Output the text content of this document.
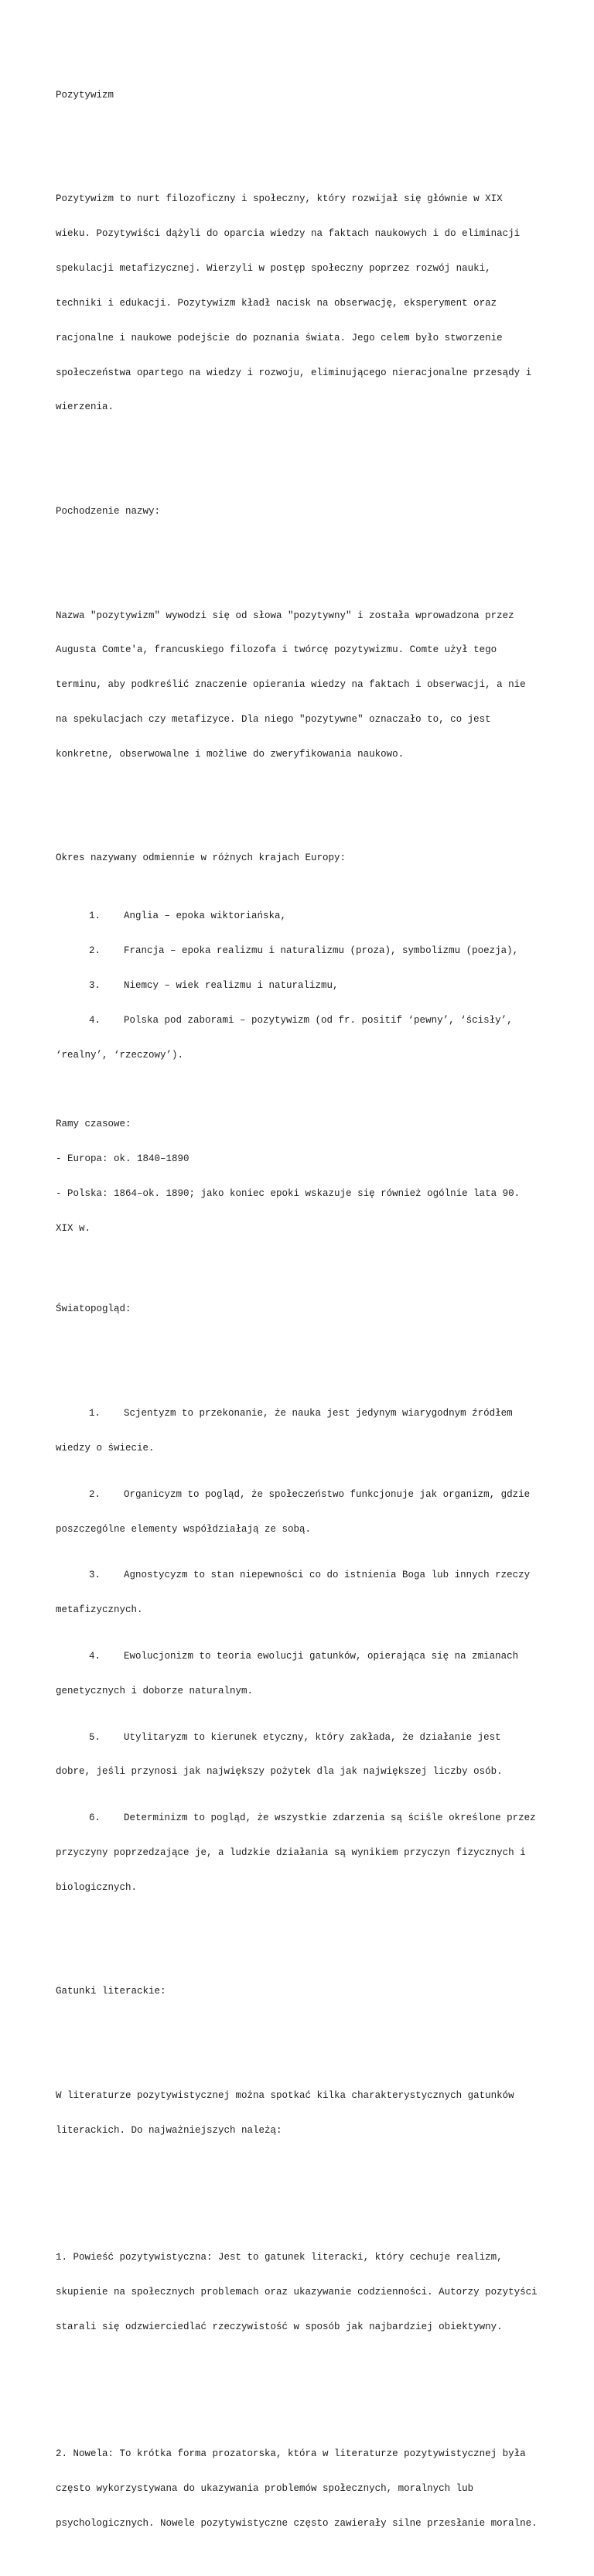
Pozytywizm

Pozytywizm to nurt filozoficzny i społeczny, który rozwijał się głównie w XIX

wieku. Pozytywiści dążyli do oparcia wiedzy na faktach naukowych i do eliminacji

spekulacji metafizycznej. Wierzyli w postęp społeczny poprzez rozwój nauki,

techniki i edukacji. Pozytywizm kładł nacisk na obserwację, eksperyment oraz

racjonalne i naukowe podejście do poznania świata. Jego celem było stworzenie

społeczeństwa opartego na wiedzy i rozwoju, eliminującego nieracjonalne przesądy i

wierzenia.

Pochodzenie nazwy:

Nazwa "pozytywizm" wywodzi się od słowa "pozytywny" i została wprowadzona przez

Augusta Comte'a, francuskiego filozofa i twórcę pozytywizmu. Comte użył tego

terminu, aby podkreślić znaczenie opierania wiedzy na faktach i obserwacji, a nie

na spekulacjach czy metafizyce. Dla niego "pozytywne" oznaczało to, co jest

konkretne, obserwowalne i możliwe do zweryfikowania naukowo.

Okres nazywany odmiennie w różnych krajach Europy:

1. Anglia – epoka wiktoriańska,

2. Francja – epoka realizmu i naturalizmu (proza), symbolizmu (poezja),

3. Niemcy – wiek realizmu i naturalizmu,

4. Polska pod zaborami – pozytywizm (od fr. positif ‘pewny’, ‘ścisły’,

‘realny’, ‘rzeczowy’).

Ramy czasowe:

- Europa: ok. 1840–1890

- Polska: 1864–ok. 1890; jako koniec epoki wskazuje się również ogólnie lata 90.

XIX w.

Światopogląd:

1. Scjentyzm to przekonanie, że nauka jest jedynym wiarygodnym źródłem

wiedzy o świecie.

2. Organicyzm to pogląd, że społeczeństwo funkcjonuje jak organizm, gdzie

poszczególne elementy współdziałają ze sobą.

3. Agnostycyzm to stan niepewności co do istnienia Boga lub innych rzeczy

metafizycznych.

4. Ewolucjonizm to teoria ewolucji gatunków, opierająca się na zmianach

genetycznych i doborze naturalnym.

5. Utylitaryzm to kierunek etyczny, który zakłada, że działanie jest

dobre, jeśli przynosi jak największy pożytek dla jak największej liczby osób.

6. Determinizm to pogląd, że wszystkie zdarzenia są ściśle określone przez

przyczyny poprzedzające je, a ludzkie działania są wynikiem przyczyn fizycznych i

biologicznych.

Gatunki literackie:

W literaturze pozytywistycznej można spotkać kilka charakterystycznych gatunków

literackich. Do najważniejszych należą:

1. Powieść pozytywistyczna: Jest to gatunek literacki, który cechuje realizm,

skupienie na społecznych problemach oraz ukazywanie codzienności. Autorzy pozytyści

starali się odzwierciedlać rzeczywistość w sposób jak najbardziej obiektywny.

2. Nowela: To krótka forma prozatorska, która w literaturze pozytywistycznej była

często wykorzystywana do ukazywania problemów społecznych, moralnych lub

psychologicznych. Nowele pozytywistyczne często zawierały silne przesłanie moralne.
